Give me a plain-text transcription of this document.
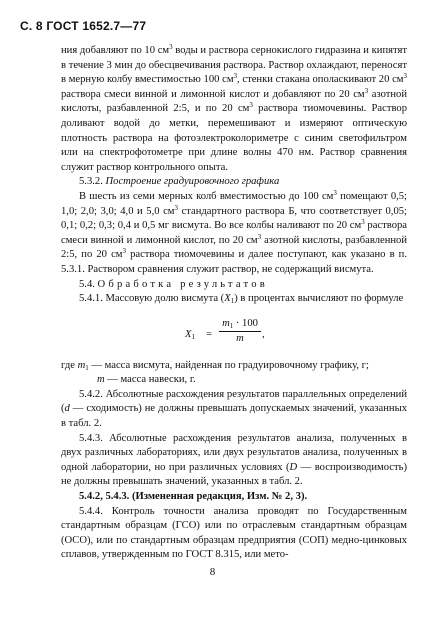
С. 8 ГОСТ 1652.7—77

ния добавляют по 10 $см^3$ воды и раствора сернокислого гидразина и кипятят в течение 3 мин до обесцвечивания раствора. Раствор охлаждают, переносят в мерную колбу вместимостью 100 $см^3$, стенки стакана ополаскивают 20 $см^3$ раствора смеси винной и лимонной кислот и добавляют по 20 $см^3$ азотной кислоты, разбавленной 2:5, и по 20 $см^3$ раствора тиомочевины. Раствор доливают водой до метки, перемешивают и измеряют оптическую плотность раствора на фотоэлектроколориметре с синим светофильтром или на спектрофотометре при длине волны 470 нм. Раствор сравнения служит раствор контрольного опыта.

5.3.2. Построение градуировочного графика

В шесть из семи мерных колб вместимостью до 100 $см^3$ помещают 0,5; 1,0; 2,0; 3,0; 4,0 и 5,0 $см^3$ стандартного раствора Б, что соответствует 0,05; 0,1; 0,2; 0,3; 0,4 и 0,5 мг висмута. Во все колбы наливают по 20 $см^3$ раствора смеси винной и лимонной кислот, по 20 $см^3$ азотной кислоты, разбавленной 2:5, по 20 $см^3$ раствора тиомочевины и далее поступают, как указано в п. 5.3.1. Раствором сравнения служит раствор, не содержащий висмута.

5.4. Обработка результатов

5.4.1. Массовую долю висмута $(X_1)$ в процентах вычисляют по формуле

$X_1 = \frac{m_1 \cdot 100}{m}$ ,

где $m_1$ — масса висмута, найденная по градуировочному графику, г;

m — масса навески, г.

5.4.2. Абсолютные расхождения результатов параллельных определений (d — сходимость) не должны превышать допускаемых значений, указанных в табл. 2.

5.4.3. Абсолютные расхождения результатов анализа, полученных в двух различных лабораториях, или двух результатов анализа, полученных в одной лаборатории, но при различных условиях (D — воспроизводимость) не должны превышать значений, указанных в табл. 2.

5.4.2, 5.4.3. (Измененная редакция, Изм. № 2, 3).

5.4.4. Контроль точности анализа проводят по Государственным стандартным образцам (ГСО) или по отраслевым стандартным образцам (ОСО), или по стандартным образцам предприятия (СОП) медно-цинковых сплавов, утвержденным по ГОСТ 8.315, или мето-

8
